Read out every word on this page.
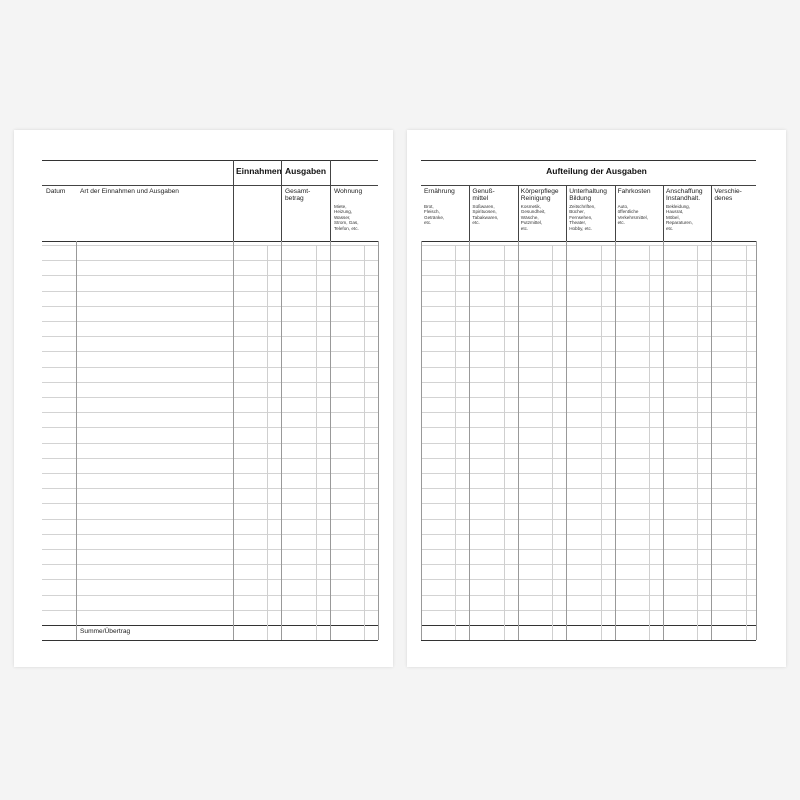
Einnahmen Ausgaben
Datum Art der Einnahmen und Ausgaben	Gesamt-
betrag
Wohnung
Miete,
Heizung,
Wasser,
Strom, Gas,
Telefon, etc.
Summe/Übertrag
Aufteilung der Ausgaben
Ernährung
Brot,
Fleisch,
Getränke,
etc.
Genuß-
mittel
Süßwaren,
Spirituosen,
Tabakwaren,
etc.
Körperpflege
Reinigung
Kosmetik,
Gesundheit,
Wäsche,
Putzmittel,
etc.
Unterhaltung
Bildung
Zeitschriften,
Bücher,
Fernsehen,
Theater,
Hobby, etc.
Fahrkosten
Auto,
öffentliche
Verkehrsmittel,
etc.
Anschaffung
Instandhalt.
Bekleidung,
Hausrat,
Möbel,
Reparaturen,
etc.
Verschie-
denes
